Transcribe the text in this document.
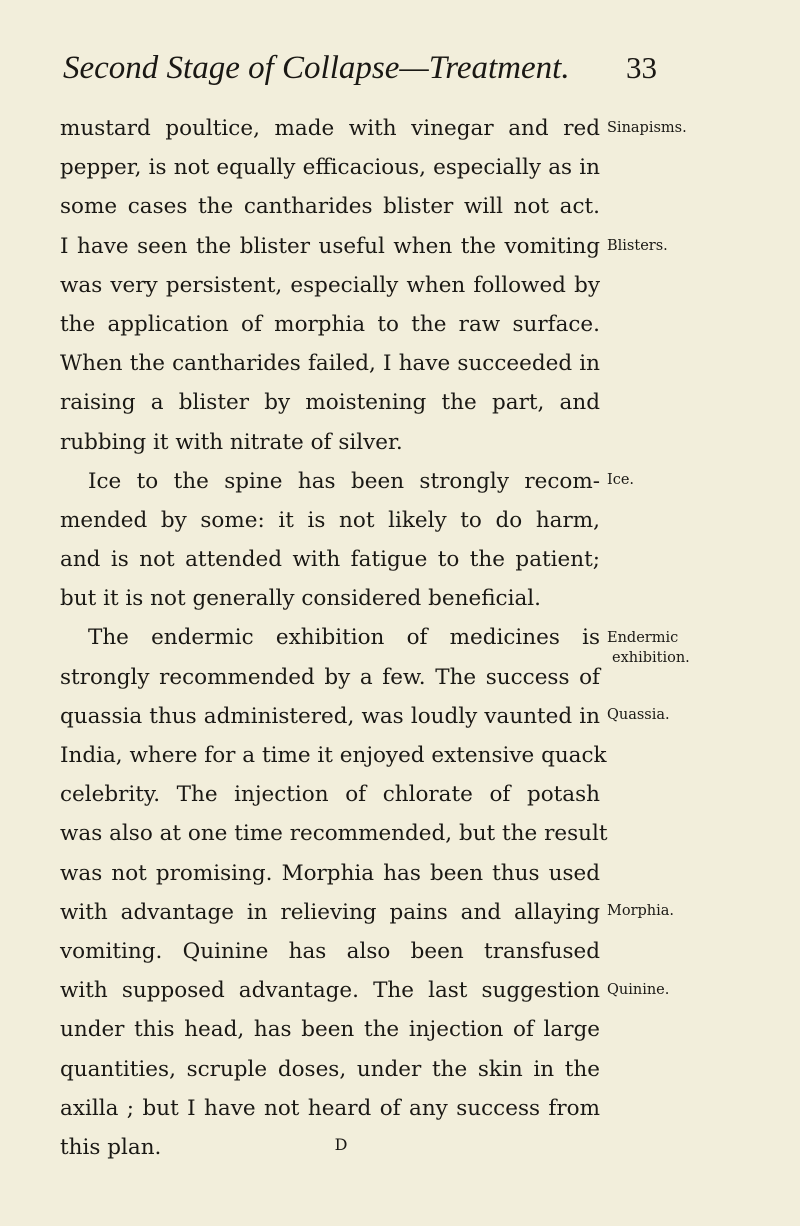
Second Stage of Collapse—Treatment. 33
mustard poultice, made with vinegar and red
pepper, is not equally efficacious, especially as in
some cases the cantharides blister will not act.
I have seen the blister useful when the vomiting
was very persistent, especially when followed by
the application of morphia to the raw surface.
When the cantharides failed, I have succeeded in
raising a blister by moistening the part, and
rubbing it with nitrate of silver.
Ice to the spine has been strongly recom-
mended by some: it is not likely to do harm,
and is not attended with fatigue to the patient;
but it is not generally considered beneficial.
The endermic exhibition of medicines is
strongly recommended by a few. The success of
quassia thus administered, was loudly vaunted in
India, where for a time it enjoyed extensive quack
celebrity. The injection of chlorate of potash
was also at one time recommended, but the result
was not promising. Morphia has been thus used
with advantage in relieving pains and allaying
vomiting. Quinine has also been transfused
with supposed advantage. The last suggestion
under this head, has been the injection of large
quantities, scruple doses, under the skin in the
axilla ; but I have not heard of any success from
this plan.
Sinapisms.
Blisters.
Ice.
Endermic
exhibition.
Quassia.
Morphia.
Quinine.
D
